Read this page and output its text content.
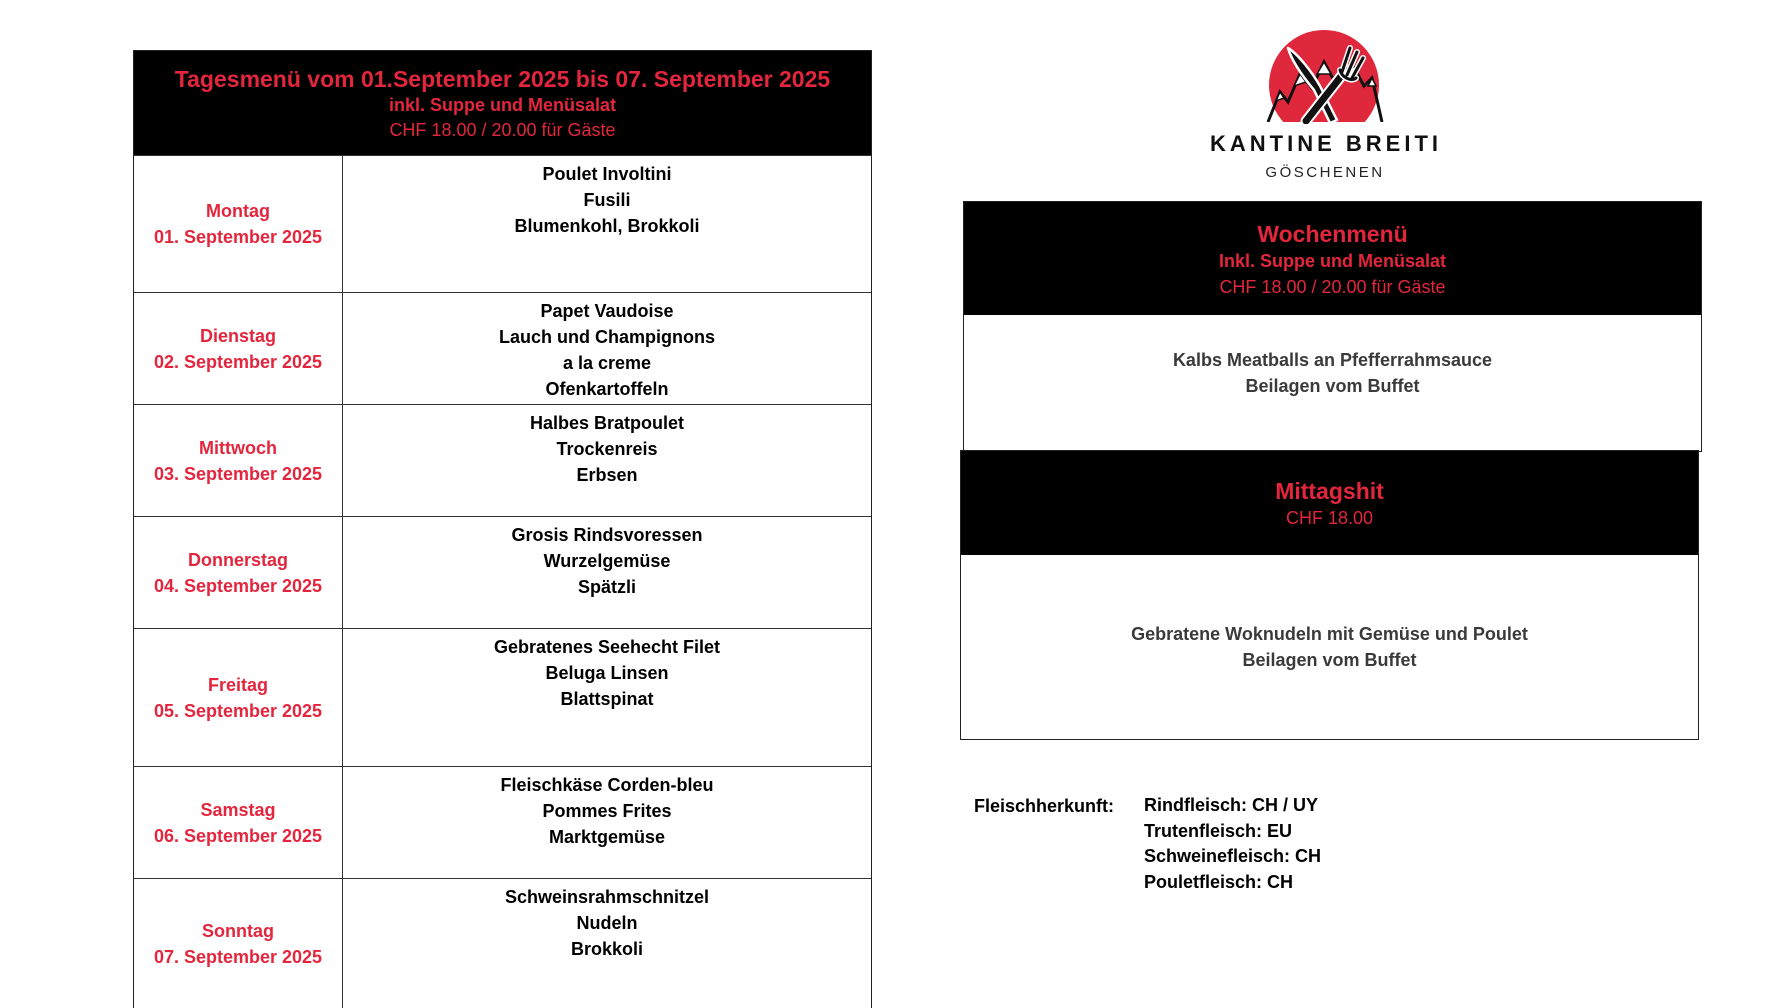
Tagesmenü vom 01.September 2025 bis 07. September 2025
inkl. Suppe und Menüsalat
CHF 18.00 / 20.00 für Gäste
Montag
01. September 2025
Poulet Involtini
Fusili
Blumenkohl, Brokkoli
Dienstag
02. September 2025
Papet Vaudoise
Lauch und Champignons
a la creme
Ofenkartoffeln
Mittwoch
03. September 2025
Halbes Bratpoulet
Trockenreis
Erbsen
Donnerstag
04. September 2025
Grosis Rindsvoressen
Wurzelgemüse
Spätzli
Freitag
05. September 2025
Gebratenes Seehecht Filet
Beluga Linsen
Blattspinat
Samstag
06. September 2025
Fleischkäse Corden-bleu
Pommes Frites
Marktgemüse
Sonntag
07. September 2025
Schweinsrahmschnitzel
Nudeln
Brokkoli
KANTINE BREITI
GÖSCHENEN
Wochenmenü
Inkl. Suppe und Menüsalat
CHF 18.00 / 20.00 für Gäste
Kalbs Meatballs an Pfefferrahmsauce
Beilagen vom Buffet
Mittagshit
CHF 18.00
Gebratene Woknudeln mit Gemüse und Poulet
Beilagen vom Buffet
Fleischherkunft: Rindfleisch: CH / UY
Trutenfleisch: EU
Schweinefleisch: CH
Pouletfleisch: CH
